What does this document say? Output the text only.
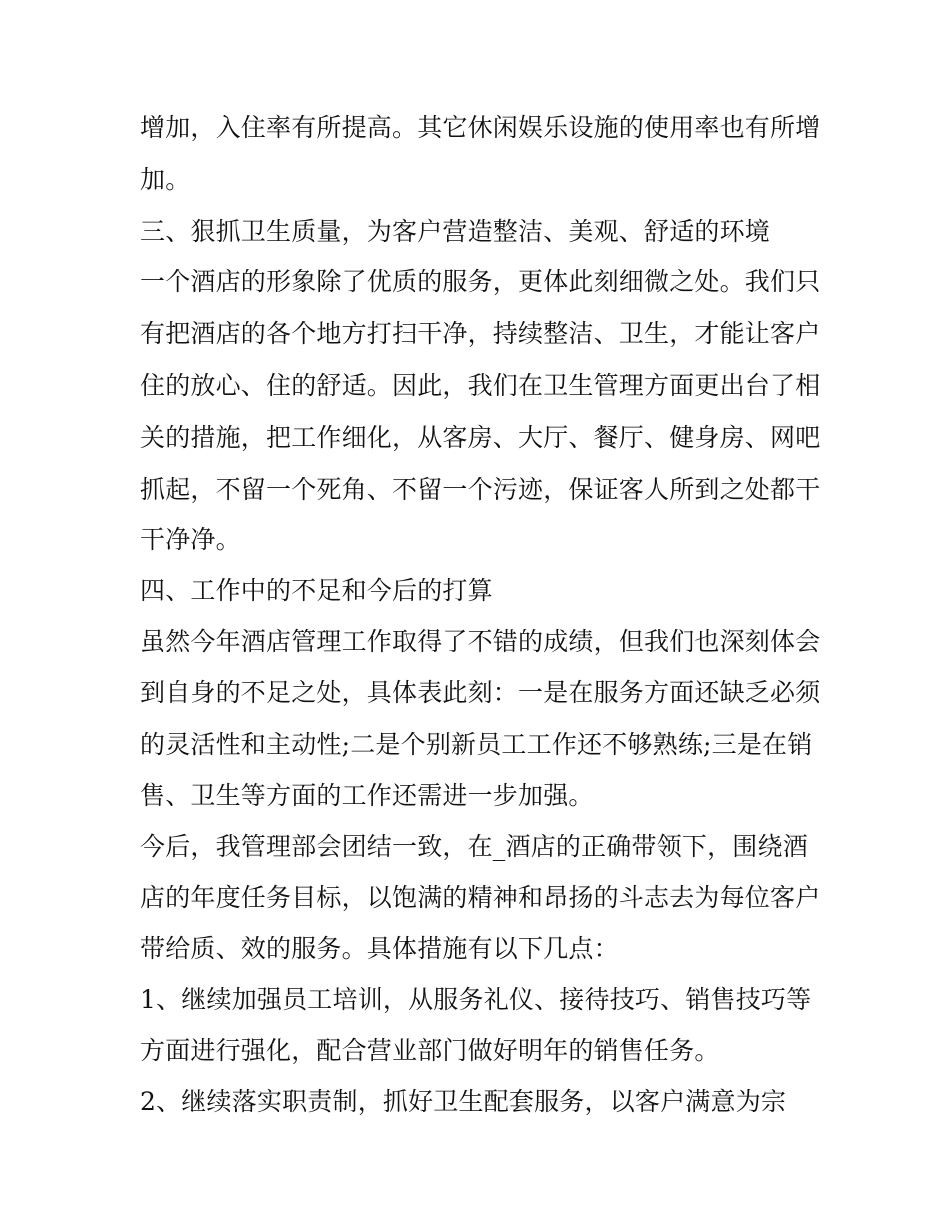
增加，入住率有所提高。其它休闲娱乐设施的使用率也有所增
加。
三、狠抓卫生质量，为客户营造整洁、美观、舒适的环境
一个酒店的形象除了优质的服务，更体此刻细微之处。我们只
有把酒店的各个地方打扫干净，持续整洁、卫生，才能让客户
住的放心、住的舒适。因此，我们在卫生管理方面更出台了相
关的措施，把工作细化，从客房、大厅、餐厅、健身房、网吧
抓起，不留一个死角、不留一个污迹，保证客人所到之处都干
干净净。
四、工作中的不足和今后的打算
虽然今年酒店管理工作取得了不错的成绩，但我们也深刻体会
到自身的不足之处，具体表此刻：一是在服务方面还缺乏必须
的灵活性和主动性;二是个别新员工工作还不够熟练;三是在销
售、卫生等方面的工作还需进一步加强。
今后，我管理部会团结一致，在_酒店的正确带领下，围绕酒
店的年度任务目标，以饱满的精神和昂扬的斗志去为每位客户
带给质、效的服务。具体措施有以下几点：
1、继续加强员工培训，从服务礼仪、接待技巧、销售技巧等
方面进行强化，配合营业部门做好明年的销售任务。
2、继续落实职责制，抓好卫生配套服务，以客户满意为宗
